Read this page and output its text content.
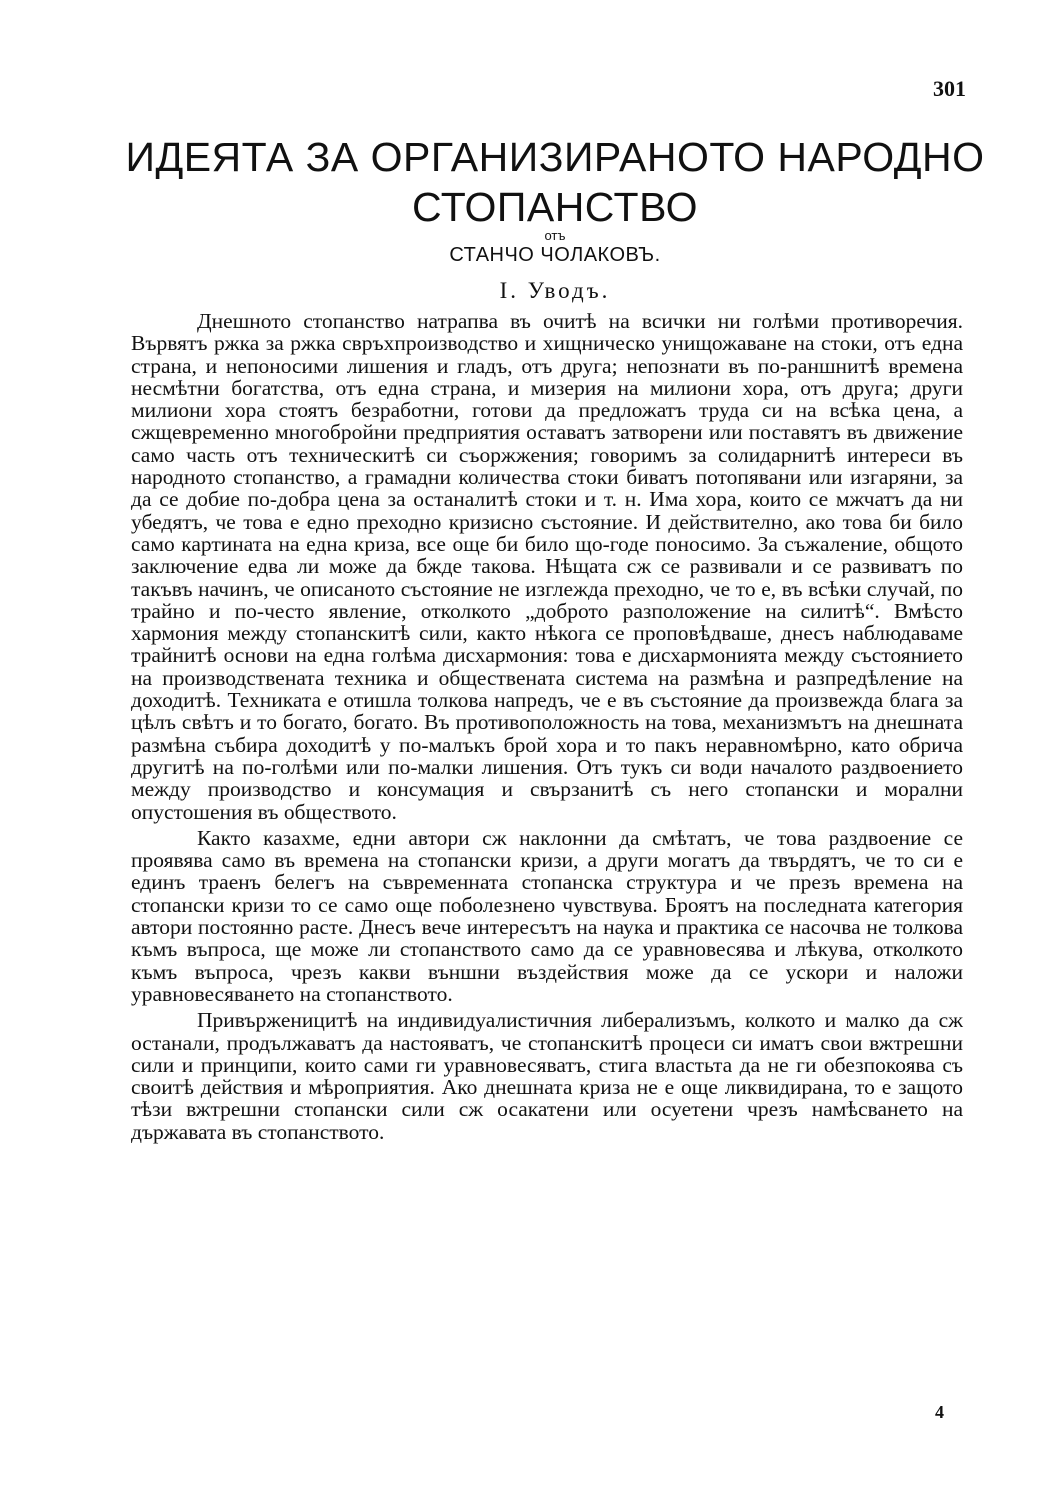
301
ИДЕЯТА ЗА ОРГАНИЗИРАНОТО НАРОДНО
СТОПАНСТВО
отъ
СТАНЧО ЧОЛАКОВЪ.
I. Уводъ.

Днешното стопанство натрапва въ очитѣ на всички ни голѣми противоречия. Вървятъ ржка за ржка свръхпроизводство и хищническо унищожаване на стоки, отъ една страна, и непоносими лишения и гладъ, отъ друга; непознати въ по-раншнитѣ времена несмѣтни богатства, отъ една страна, и мизерия на милиони хора, отъ друга; други милиони хора стоятъ безработни, готови да предложатъ труда си на всѣка цена, а сжщевременно многобройни предприятия оставатъ затворени или поставятъ въ движение само часть отъ техническитѣ си съоржжения; говоримъ за солидарнитѣ интереси въ народното стопанство, а грамадни количества стоки биватъ потопявани или изгаряни, за да се добие по-добра цена за останалитѣ стоки и т. н. Има хора, които се мжчатъ да ни убедятъ, че това е едно преходно кризисно състояние. И действително, ако това би било само картината на една криза, все още би било що-годе поносимо. За съжаление, общото заключение едва ли може да бжде такова. Нѣщата сж се развивали и се развиватъ по такъвъ начинъ, че описаното състояние не изглежда преходно, че то е, въ всѣки случай, по трайно и по-често явление, отколкото „доброто разположение на силитѣ“. Вмѣсто хармония между стопанскитѣ сили, както нѣкога се проповѣдваше, днесъ наблюдаваме трайнитѣ основи на една голѣма дисхармония: това е дисхармонията между състоянието на производствената техника и обществената система на размѣна и разпредѣление на доходитѣ. Техниката е отишла толкова напредъ, че е въ състояние да произвежда блага за цѣлъ свѣтъ и то богато, богато. Въ противоположность на това, механизмътъ на днешната размѣна събира доходитѣ у по-малъкъ брой хора и то пакъ неравномѣрно, като обрича другитѣ на по-голѣми или по-малки лишения. Отъ тукъ си води началото раздвоението между производство и консумация и свързанитѣ съ него стопански и морални опустошения въ обществото.

Както казахме, едни автори сж наклонни да смѣтатъ, че това раздвоение се проявява само въ времена на стопански кризи, а други могатъ да твърдятъ, че то си е единъ траенъ белегъ на съвременната стопанска структура и че презъ времена на стопански кризи то се само още поболезнено чувствува. Броятъ на последната категория автори постоянно расте. Днесъ вече интересътъ на наука и практика се насочва не толкова къмъ въпроса, ще може ли стопанството само да се уравновесява и лѣкува, отколкото къмъ въпроса, чрезъ какви външни въздействия може да се ускори и наложи уравновесяването на стопанството.

Привърженицитѣ на индивидуалистичния либерализъмъ, колкото и малко да сж останали, продължаватъ да настояватъ, че стопанскитѣ процеси си иматъ свои вжтрешни сили и принципи, които сами ги уравновесяватъ, стига властьта да не ги обезпокоява съ своитѣ действия и мѣроприятия. Ако днешната криза не е още ликвидирана, то е защото тѣзи вжтрешни стопански сили сж осакатени или осуетени чрезъ намѣсването на държавата въ стопанството.

4
